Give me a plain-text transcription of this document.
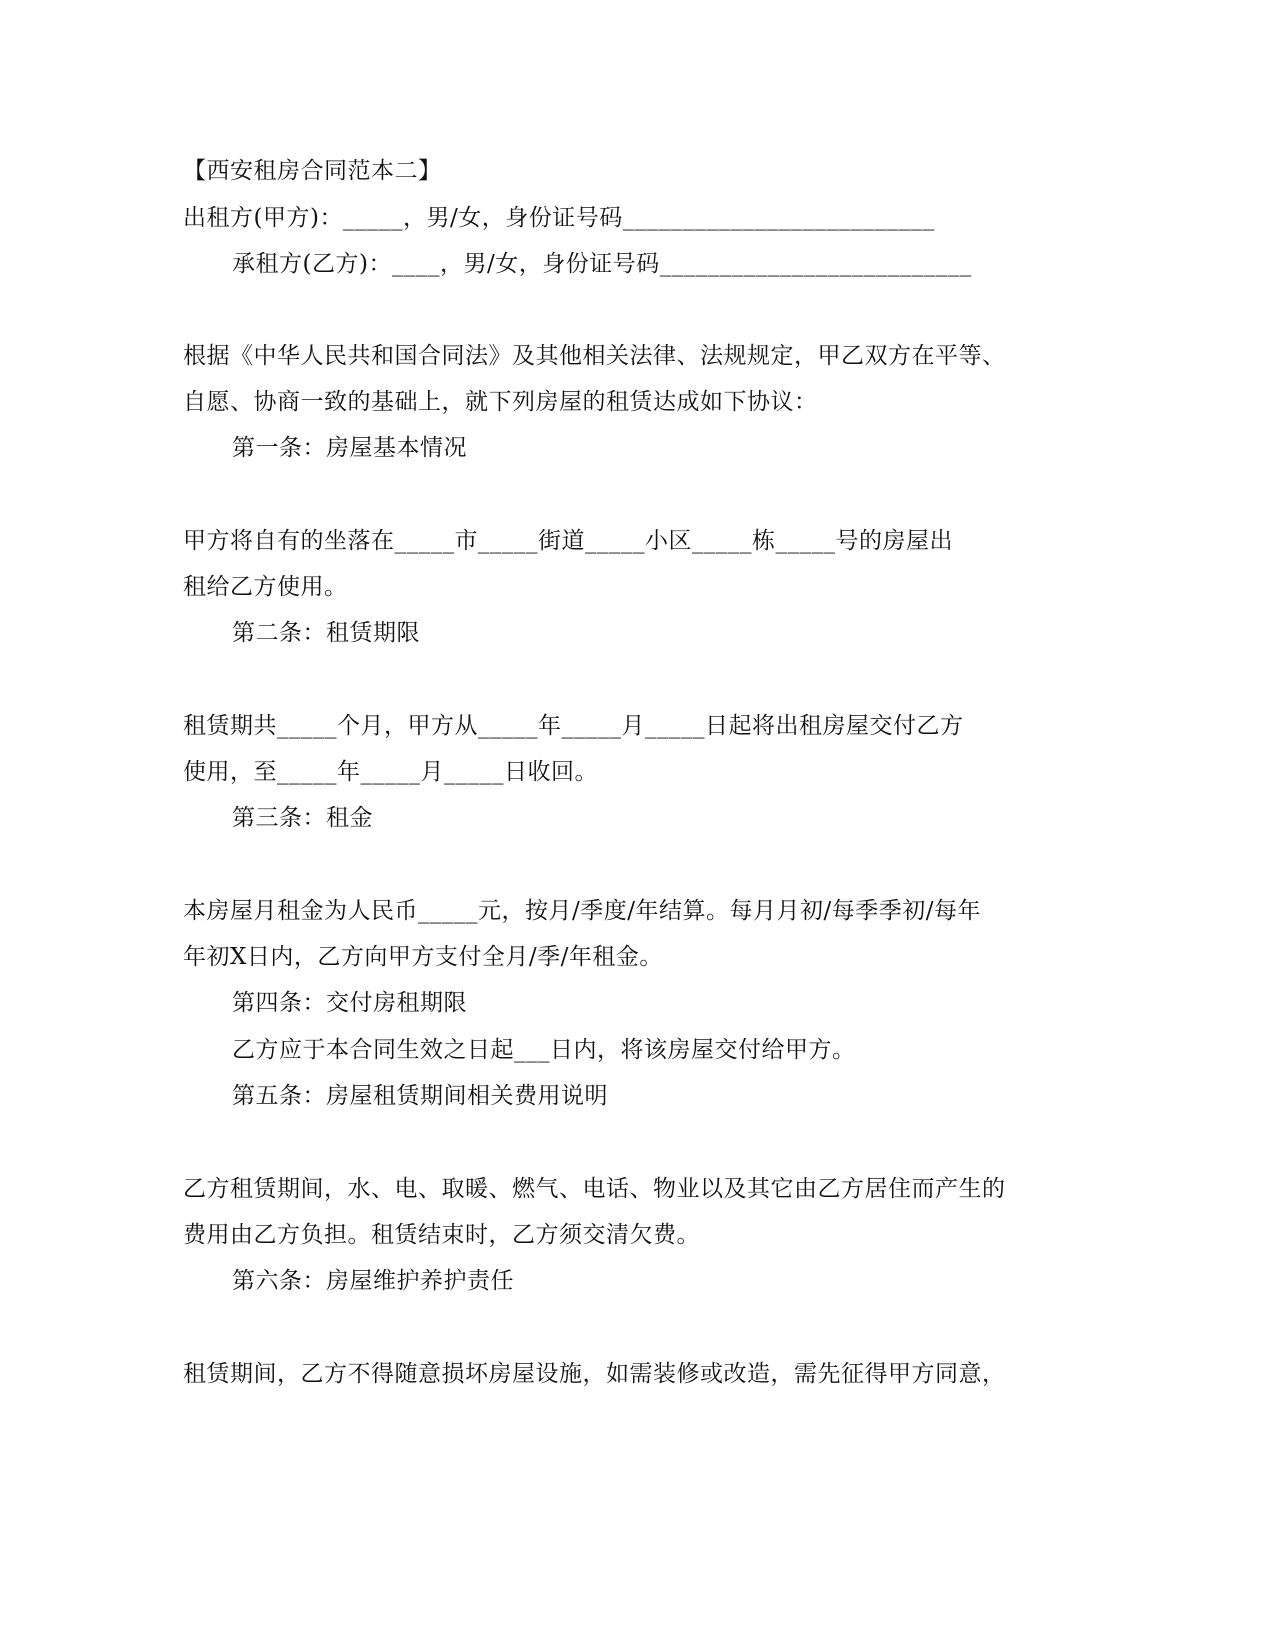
【西安租房合同范本二】
出租方(甲方)：_____，男/女，身份证号码__________________________
承租方(乙方)：____，男/女，身份证号码__________________________
根据《中华人民共和国合同法》及其他相关法律、法规规定，甲乙双方在平等、
自愿、协商一致的基础上，就下列房屋的租赁达成如下协议：
第一条：房屋基本情况
甲方将自有的坐落在_____市_____街道_____小区_____栋_____号的房屋出
租给乙方使用。
第二条：租赁期限
租赁期共_____个月，甲方从_____年_____月_____日起将出租房屋交付乙方
使用，至_____年_____月_____日收回。
第三条：租金
本房屋月租金为人民币_____元，按月/季度/年结算。每月月初/每季季初/每年
年初X日内，乙方向甲方支付全月/季/年租金。
第四条：交付房租期限
乙方应于本合同生效之日起___日内，将该房屋交付给甲方。
第五条：房屋租赁期间相关费用说明
乙方租赁期间，水、电、取暖、燃气、电话、物业以及其它由乙方居住而产生的
费用由乙方负担。租赁结束时，乙方须交清欠费。
第六条：房屋维护养护责任
租赁期间，乙方不得随意损坏房屋设施，如需装修或改造，需先征得甲方同意，
